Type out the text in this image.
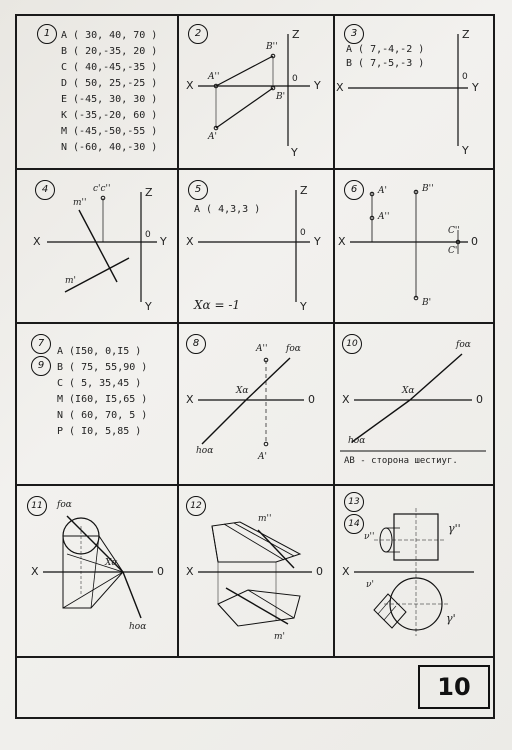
1	A ( 30, 40, 70 )
B ( 20,-35, 20 )
C ( 40,-45,-35 )
D ( 50, 25,-25 )
E (-45, 30, 30 )
K (-35,-20, 60 )
M (-45,-50,-55 )
N (-60, 40,-30 )
2
X	Y
Y
Z
0
B''
A''
B'
A'
3
A ( 7,-4,-2 )
B ( 7,-5,-3 )
X	Y
Y
Z
0
4
X	Y
Y
Z
0
c'c''
m''
m'
5
A ( 4,3,3 )
X	Y
Y
Z
0
Xα = -1
6
X	0
A'
A''
B''
C''
C'
B'
7
9
A (I50, 0,I5 )
B ( 75, 55,90 )
C ( 5, 35,45 )
M (I60, I5,65 )
N ( 60, 70, 5 )
P ( I0, 5,85 )
8
X	0
A''
A'
fοα
hοα
Xα
10
X	0
fοα
hοα
Xα
AB - сторона шестиуг.
11
X	0
fοα
hοα
Xα
12
X	0
m''
m'
13
14
X
ν''
ν'
γ''
γ'
10
